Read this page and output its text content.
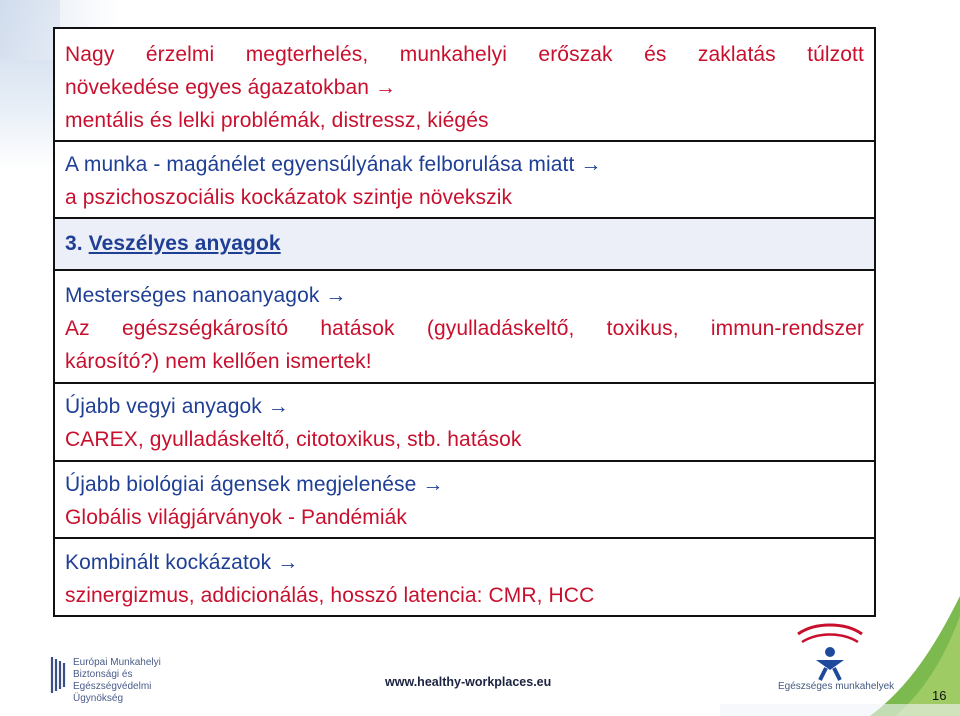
Nagy érzelmi megterhelés, munkahelyi erőszak és zaklatás túlzott
növekedése egyes ágazatokban →
mentális és lelki problémák, distressz, kiégés
A munka - magánélet egyensúlyának felborulása miatt →
a pszichoszociális kockázatok szintje növekszik
3. Veszélyes anyagok
Mesterséges nanoanyagok →
Az egészségkárosító hatások (gyulladáskeltő, toxikus, immun-rendszer
károsító?) nem kellően ismertek!
Újabb vegyi anyagok →
CAREX, gyulladáskeltő, citotoxikus, stb. hatások
Újabb biológiai ágensek megjelenése →
Globális világjárványok - Pandémiák
Kombinált kockázatok →
szinergizmus, addicionálás, hosszó latencia: CMR, HCC
Európai Munkahelyi
Biztonsági és Egészségvédelmi
Ügynökség
www.healthy-workplaces.eu	Egészséges munkahelyek
16
